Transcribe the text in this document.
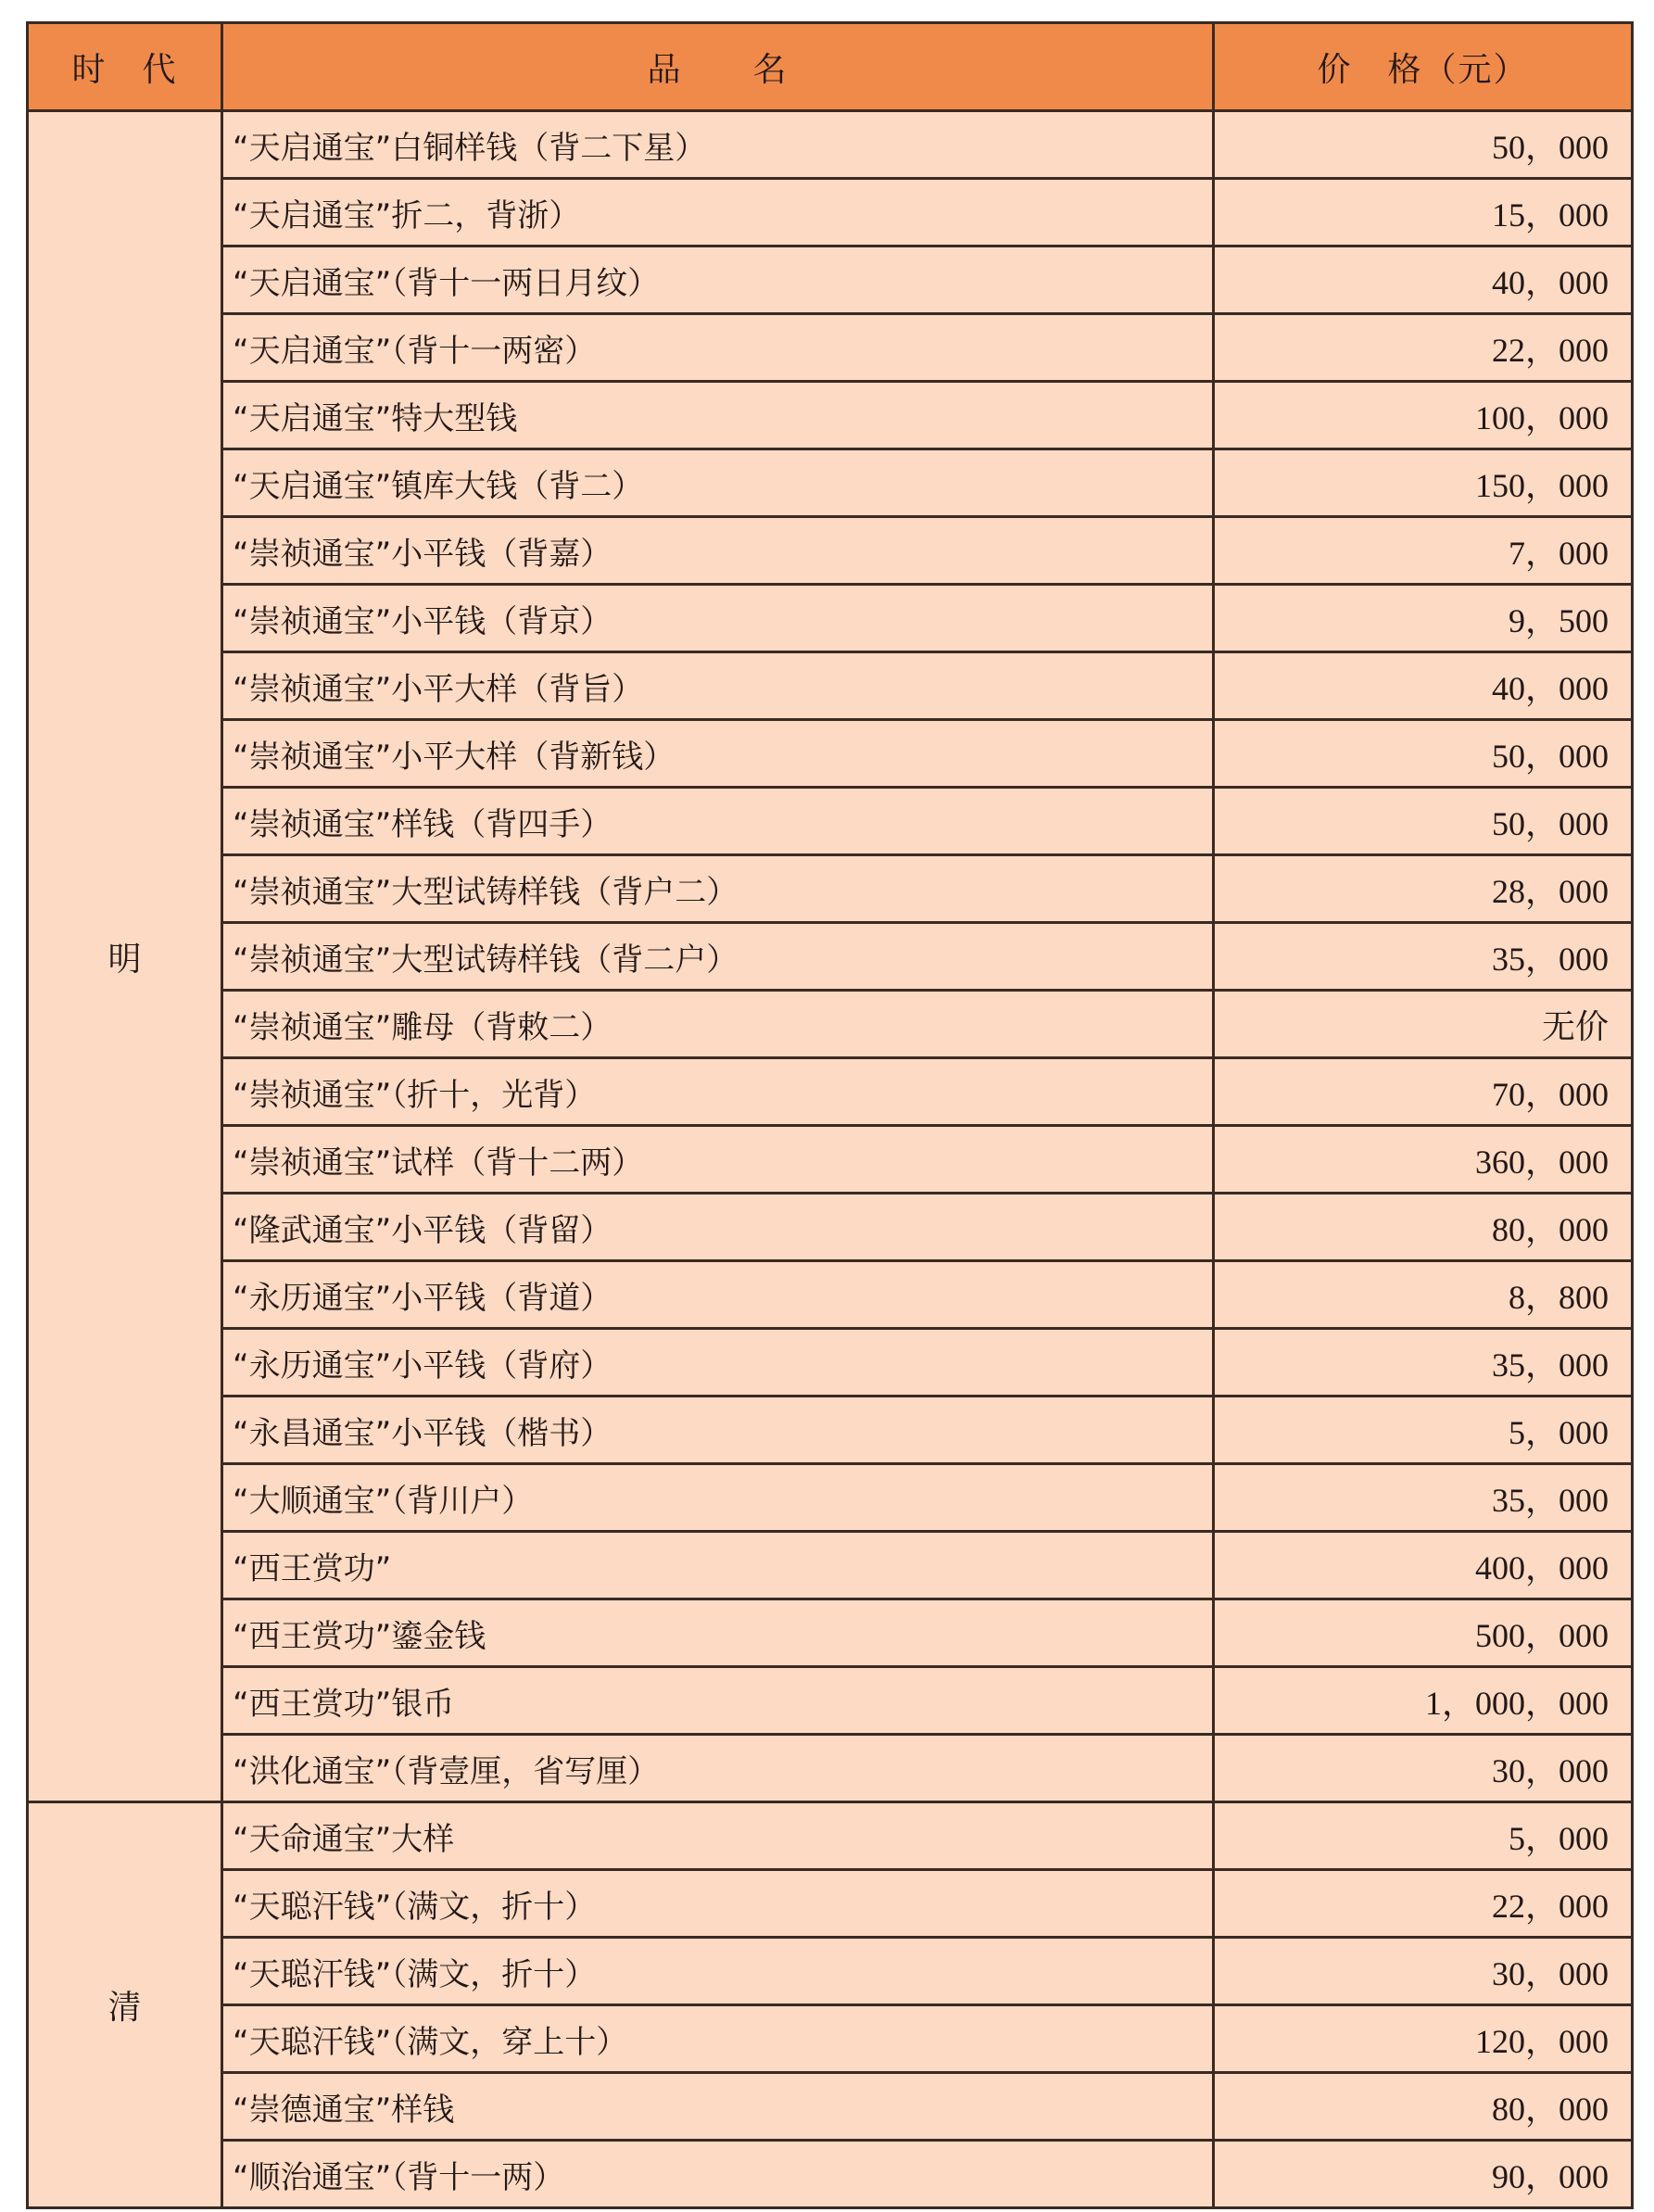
时　代	品　　名	价　格（元）
明	“天启通宝”白铜样钱（背二下星）	50，000
	“天启通宝”折二，背浙）	15，000
	“天启通宝”（背十一两日月纹）	40，000
	“天启通宝”（背十一两密）	22，000
	“天启通宝”特大型钱	100，000
	“天启通宝”镇库大钱（背二）	150，000
	“崇祯通宝”小平钱（背嘉）	7，000
	“崇祯通宝”小平钱（背京）	9，500
	“崇祯通宝”小平大样（背旨）	40，000
	“崇祯通宝”小平大样（背新钱）	50，000
	“崇祯通宝”样钱（背四手）	50，000
	“崇祯通宝”大型试铸样钱（背户二）	28，000
	“崇祯通宝”大型试铸样钱（背二户）	35，000
	“崇祯通宝”雕母（背敕二）	无价
	“崇祯通宝”（折十，光背）	70，000
	“崇祯通宝”试样（背十二两）	360，000
	“隆武通宝”小平钱（背留）	80，000
	“永历通宝”小平钱（背道）	8，800
	“永历通宝”小平钱（背府）	35，000
	“永昌通宝”小平钱（楷书）	5，000
	“大顺通宝”（背川户）	35，000
	“西王赏功”	400，000
	“西王赏功”鎏金钱	500，000
	“西王赏功”银币	1，000，000
	“洪化通宝”（背壹厘，省写厘）	30，000
清	“天命通宝”大样	5，000
	“天聪汗钱”（满文，折十）	22，000
	“天聪汗钱”（满文，折十）	30，000
	“天聪汗钱”（满文，穿上十）	120，000
	“崇德通宝”样钱	80，000
	“顺治通宝”（背十一两）	90，000
